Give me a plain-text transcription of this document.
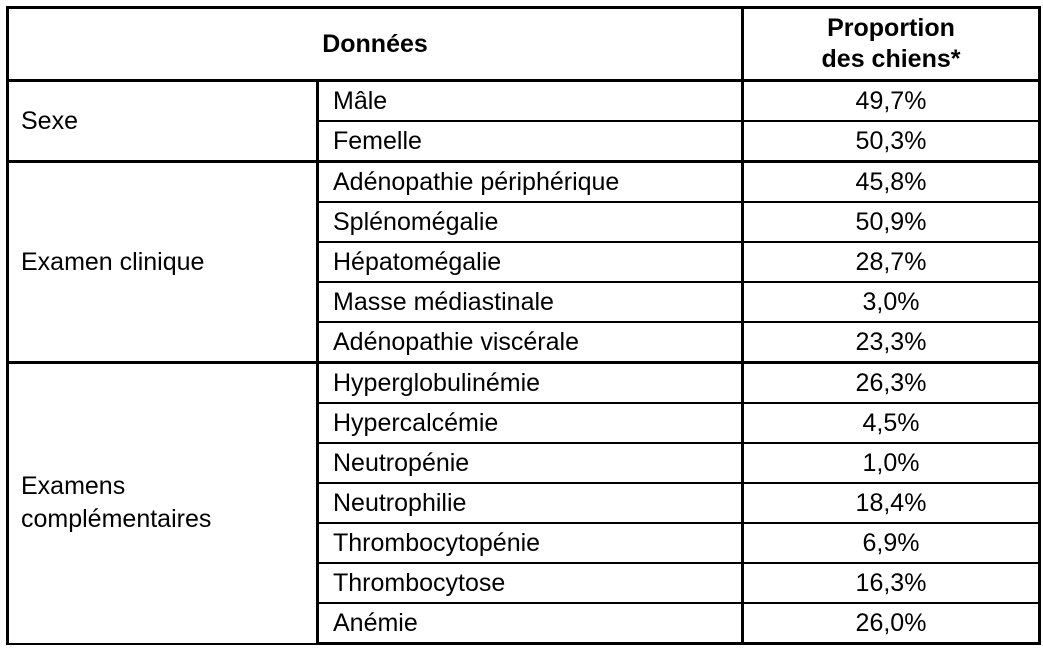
Données		Proportion
des chiens*
Sexe	Mâle	49,7%
	Femelle	50,3%
Examen clinique	Adénopathie périphérique	45,8%
	Splénomégalie	50,9%
	Hépatomégalie	28,7%
	Masse médiastinale	3,0%
	Adénopathie viscérale	23,3%
Examens
complémentaires	Hyperglobulinémie	26,3%
	Hypercalcémie	4,5%
	Neutropénie	1,0%
	Neutrophilie	18,4%
	Thrombocytopénie	6,9%
	Thrombocytose	16,3%
	Anémie	26,0%
